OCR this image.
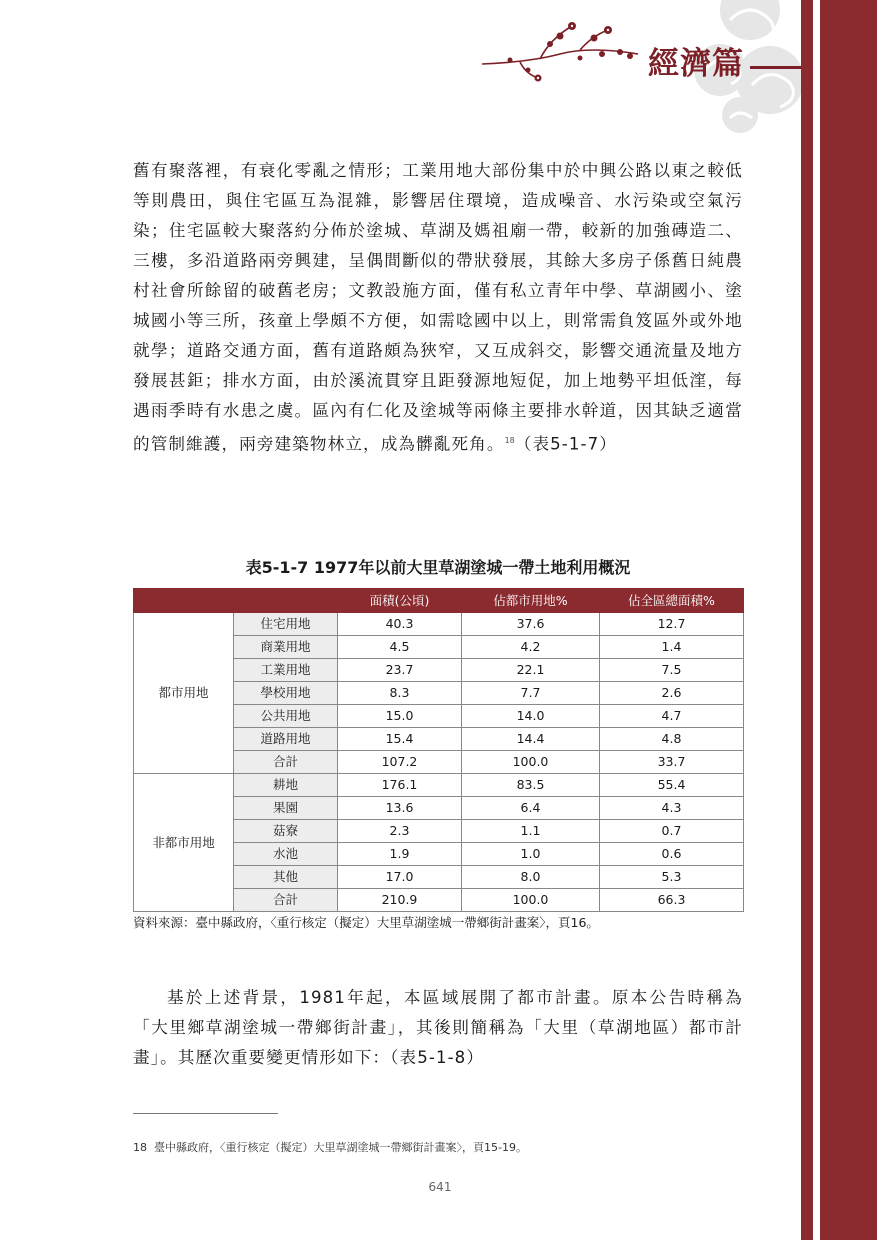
經濟篇

舊有聚落裡，有衰化零亂之情形；工業用地大部份集中於中興公路以東之較低等則農田，與住宅區互為混雜，影響居住環境，造成噪音、水污染或空氣污染；住宅區較大聚落約分佈於塗城、草湖及媽祖廟一帶，較新的加強磚造二、三樓，多沿道路兩旁興建，呈偶間斷似的帶狀發展，其餘大多房子係舊日純農村社會所餘留的破舊老房；文教設施方面，僅有私立青年中學、草湖國小、塗城國小等三所，孩童上學頗不方便，如需唸國中以上，則常需負笈區外或外地就學；道路交通方面，舊有道路頗為狹窄，又互成斜交，影響交通流量及地方發展甚鉅；排水方面，由於溪流貫穿且距發源地短促，加上地勢平坦低漥，每遇雨季時有水患之虞。區內有仁化及塗城等兩條主要排水幹道，因其缺乏適當的管制維護，兩旁建築物林立，成為髒亂死角。$^{18}$（表5-1-7）

表5-1-7 1977年以前大里草湖塗城一帶土地利用概況
		面積(公頃)	佔都市用地%	佔全區總面積%
都市用地	住宅用地	40.3	37.6	12.7
	商業用地	4.5	4.2	1.4
	工業用地	23.7	22.1	7.5
	學校用地	8.3	7.7	2.6
	公共用地	15.0	14.0	4.7
	道路用地	15.4	14.4	4.8
	合計	107.2	100.0	33.7
非都市用地	耕地	176.1	83.5	55.4
	果園	13.6	6.4	4.3
	菇寮	2.3	1.1	0.7
	水池	1.9	1.0	0.6
	其他	17.0	8.0	5.3
	合計	210.9	100.0	66.3
資料來源：臺中縣政府，〈重行核定（擬定）大里草湖塗城一帶鄉街計畫案〉，頁16。

基於上述背景，1981年起，本區域展開了都市計畫。原本公告時稱為「大里鄉草湖塗城一帶鄉街計畫」，其後則簡稱為「大里（草湖地區）都市計畫」。其歷次重要變更情形如下：（表5-1-8）

18 臺中縣政府，〈重行核定（擬定）大里草湖塗城一帶鄉街計畫案〉，頁15-19。
641
